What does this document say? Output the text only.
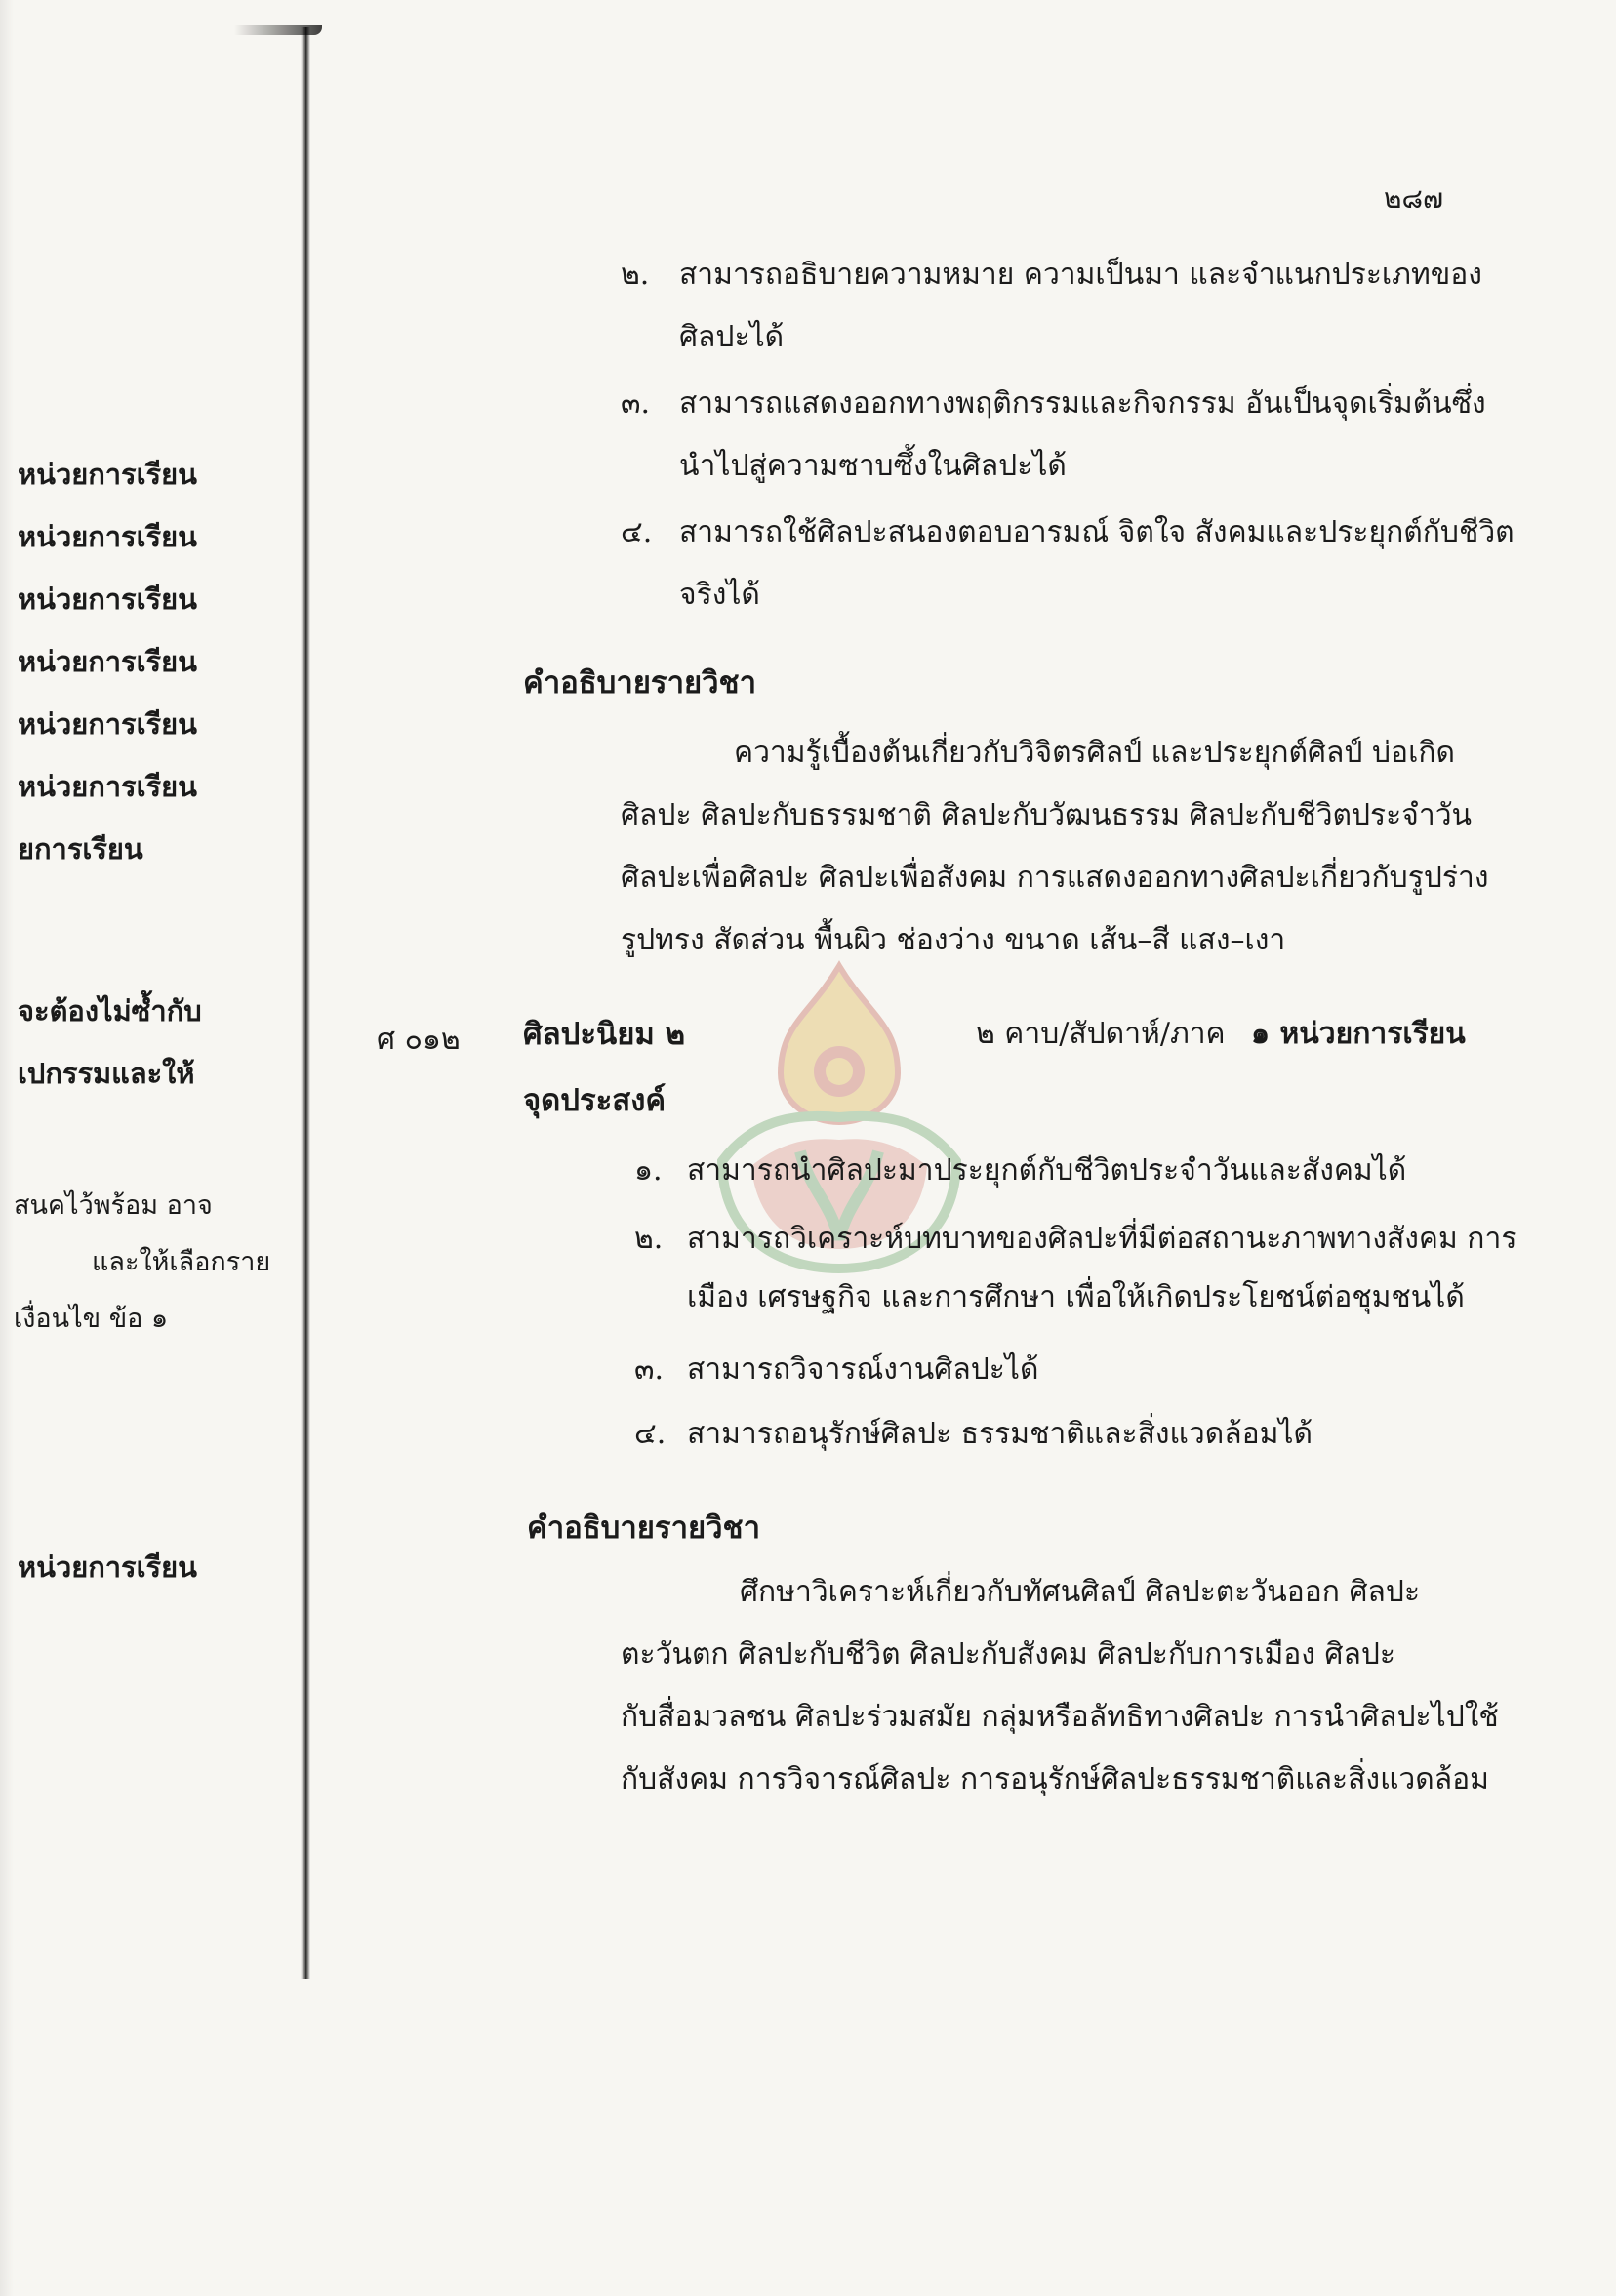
๒๘๗
หน่วยการเรียน
หน่วยการเรียน
หน่วยการเรียน
หน่วยการเรียน
หน่วยการเรียน
หน่วยการเรียน
ยการเรียน
จะต้องไม่ซ้ำกับ
เปกรรมและให้
สนคไว้พร้อม อาจ
และให้เลือกราย
เงื่อนไข ข้อ ๑
หน่วยการเรียน
๒. สามารถอธิบายความหมาย ความเป็นมา และจำแนกประเภทของ
ศิลปะได้
๓. สามารถแสดงออกทางพฤติกรรมและกิจกรรม อันเป็นจุดเริ่มต้นซึ่ง
นำไปสู่ความซาบซึ้งในศิลปะได้
๔. สามารถใช้ศิลปะสนองตอบอารมณ์ จิตใจ สังคมและประยุกต์กับชีวิต
จริงได้
คำอธิบายรายวิชา
ความรู้เบื้องต้นเกี่ยวกับวิจิตรศิลป์ และประยุกต์ศิลป์ บ่อเกิด
ศิลปะ ศิลปะกับธรรมชาติ ศิลปะกับวัฒนธรรม ศิลปะกับชีวิตประจำวัน
ศิลปะเพื่อศิลปะ ศิลปะเพื่อสังคม การแสดงออกทางศิลปะเกี่ยวกับรูปร่าง
รูปทรง สัดส่วน พื้นผิว ช่องว่าง ขนาด เส้น–สี แสง–เงา
ศ ๐๑๒ ศิลปะนิยม ๒	๒ คาบ/สัปดาห์/ภาค ๑ หน่วยการเรียน
จุดประสงค์
๑. สามารถนำศิลปะมาประยุกต์กับชีวิตประจำวันและสังคมได้
๒. สามารถวิเคราะห์บทบาทของศิลปะที่มีต่อสถานะภาพทางสังคม การ
เมือง เศรษฐกิจ และการศึกษา เพื่อให้เกิดประโยชน์ต่อชุมชนได้
๓. สามารถวิจารณ์งานศิลปะได้
๔. สามารถอนุรักษ์ศิลปะ ธรรมชาติและสิ่งแวดล้อมได้
คำอธิบายรายวิชา
ศึกษาวิเคราะห์เกี่ยวกับทัศนศิลป์ ศิลปะตะวันออก ศิลปะ
ตะวันตก ศิลปะกับชีวิต ศิลปะกับสังคม ศิลปะกับการเมือง ศิลปะ
กับสื่อมวลชน ศิลปะร่วมสมัย กลุ่มหรือลัทธิทางศิลปะ การนำศิลปะไปใช้
กับสังคม การวิจารณ์ศิลปะ การอนุรักษ์ศิลปะธรรมชาติและสิ่งแวดล้อม
